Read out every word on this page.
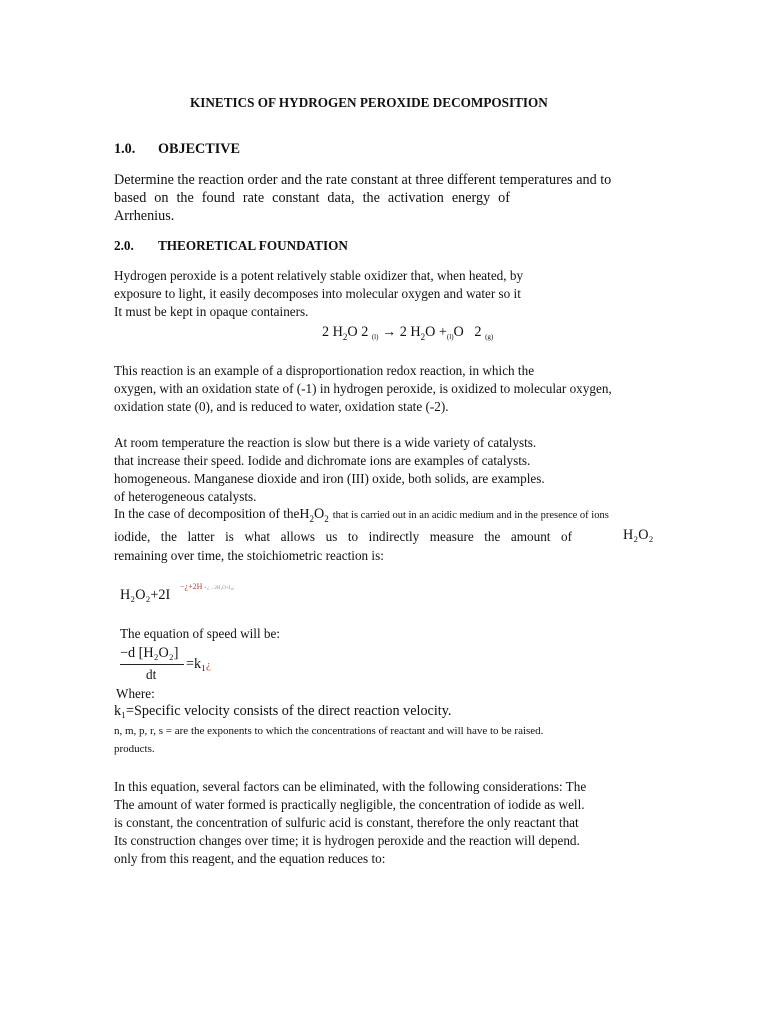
KINETICS OF HYDROGEN PEROXIDE DECOMPOSITION
1.0. OBJECTIVE
Determine the reaction order and the rate constant at three different temperatures and to
based on the found rate constant data, the activation energy of
Arrhenius.
2.0. THEORETICAL FOUNDATION
Hydrogen peroxide is a potent relatively stable oxidizer that, when heated, by
exposure to light, it easily decomposes into molecular oxygen and water so it
It must be kept in opaque containers.
2 $H_2O$ 2 $_{(l)}$ → 2 $H_2O +_{(l)}O$ 2 $_{(g)}$
This reaction is an example of a disproportionation redox reaction, in which the
oxygen, with an oxidation state of (-1) in hydrogen peroxide, is oxidized to molecular oxygen,
oxidation state (0), and is reduced to water, oxidation state (-2).
At room temperature the reaction is slow but there is a wide variety of catalysts.
that increase their speed. Iodide and dichromate ions are examples of catalysts.
homogeneous. Manganese dioxide and iron (III) oxide, both solids, are examples.
of heterogeneous catalysts.
In the case of decomposition of $theH_2O_2$ that is carried out in an acidic medium and in the presence of ions
iodide, the latter is what allows us to indirectly measure the amount of	H₂O₂
remaining over time, the stoichiometric reaction is:
H₂O₂+2I
−¿+2H +¿→2H₂O+I₂¿
The equation of speed will be:
−d [H₂O₂]
dt
=k₁¿
Where:
k₁=Specific velocity consists of the direct reaction velocity.
n, m, p, r, s = are the exponents to which the concentrations of reactant and will have to be raised.
products.
In this equation, several factors can be eliminated, with the following considerations: The
The amount of water formed is practically negligible, the concentration of iodide as well.
is constant, the concentration of sulfuric acid is constant, therefore the only reactant that
Its construction changes over time; it is hydrogen peroxide and the reaction will depend.
only from this reagent, and the equation reduces to:
